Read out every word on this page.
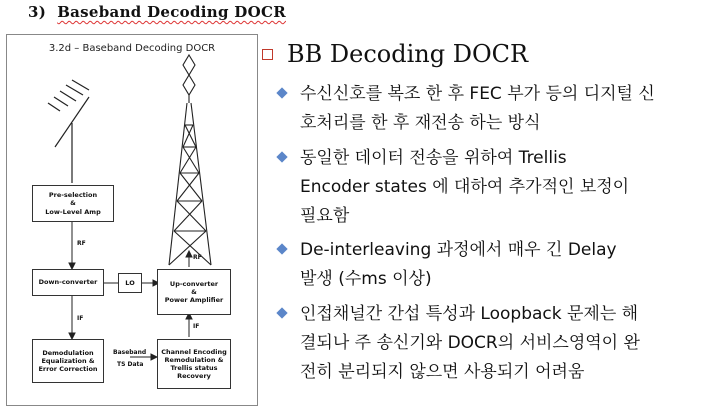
3) Baseband Decoding DOCR
3.2d – Baseband Decoding DOCR
Pre-selection
&
Low-Level Amp
RF
Down-converter	LO	Up-converter
&
Power Amplifier
RF
IF
Demodulation
Equalization &
Error Correction
Baseband
TS Data
Channel Encoding
Remodulation &
Trellis status
Recovery
IF
BB Decoding DOCR
수신신호를 복조 한 후 FEC 부가 등의 디지털 신
호처리를 한 후 재전송 하는 방식
동일한 데이터 전송을 위하여 Trellis
Encoder states 에 대하여 추가적인 보정이
필요함
De-interleaving 과정에서 매우 긴 Delay
발생 (수ms 이상)
인접채널간 간섭 특성과 Loopback 문제는 해
결되나 주 송신기와 DOCR의 서비스영역이 완
전히 분리되지 않으면 사용되기 어려움
